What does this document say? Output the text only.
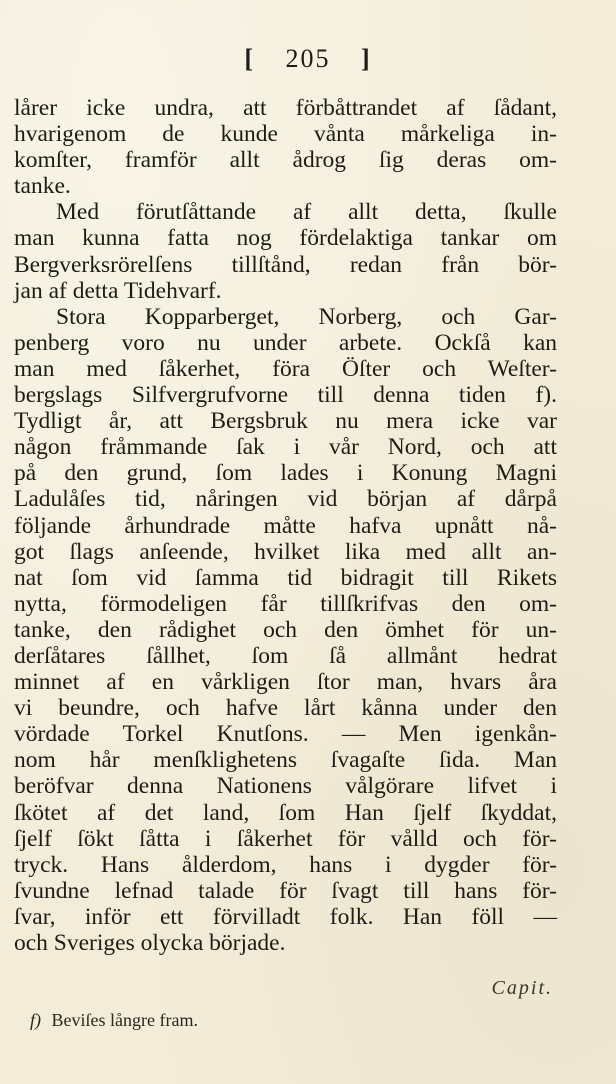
[ 205 ]
lårer icke undra, att förbåttrandet af ſådant,
hvarigenom de kunde vånta mårkeliga in-
komſter, framför allt ådrog ſig deras om-
tanke.
Med förutſåttande af allt detta, ſkulle
man kunna fatta nog fördelaktiga tankar om
Bergverksrörelſens tillſtånd, redan från bör-
jan af detta Tidehvarf.
Stora Kopparberget, Norberg, och Gar-
penberg voro nu under arbete. Ockſå kan
man med ſåkerhet, föra Öſter och Weſter-
bergslags Silfvergrufvorne till denna tiden f).
Tydligt år, att Bergsbruk nu mera icke var
någon fråmmande ſak i vår Nord, och att
på den grund, ſom lades i Konung Magni
Ladulåſes tid, nåringen vid början af dårpå
följande århundrade måtte hafva upnått nå-
got ſlags anſeende, hvilket lika med allt an-
nat ſom vid ſamma tid bidragit till Rikets
nytta, förmodeligen får tillſkrifvas den om-
tanke, den rådighet och den ömhet för un-
derſåtares ſållhet, ſom ſå allmånt hedrat
minnet af en vårkligen ſtor man, hvars åra
vi beundre, och hafve lårt kånna under den
vördade Torkel Knutſons. — Men igenkån-
nom hår menſklighetens ſvagaſte ſida. Man
beröfvar denna Nationens vålgörare lifvet i
ſkötet af det land, ſom Han ſjelf ſkyddat,
ſjelf ſökt ſåtta i ſåkerhet för vålld och för-
tryck. Hans ålderdom, hans i dygder för-
ſvundne lefnad talade för ſvagt till hans för-
ſvar, inför ett förvilladt folk. Han föll —
och Sveriges olycka började.
Capit.
f) Beviſes långre fram.
